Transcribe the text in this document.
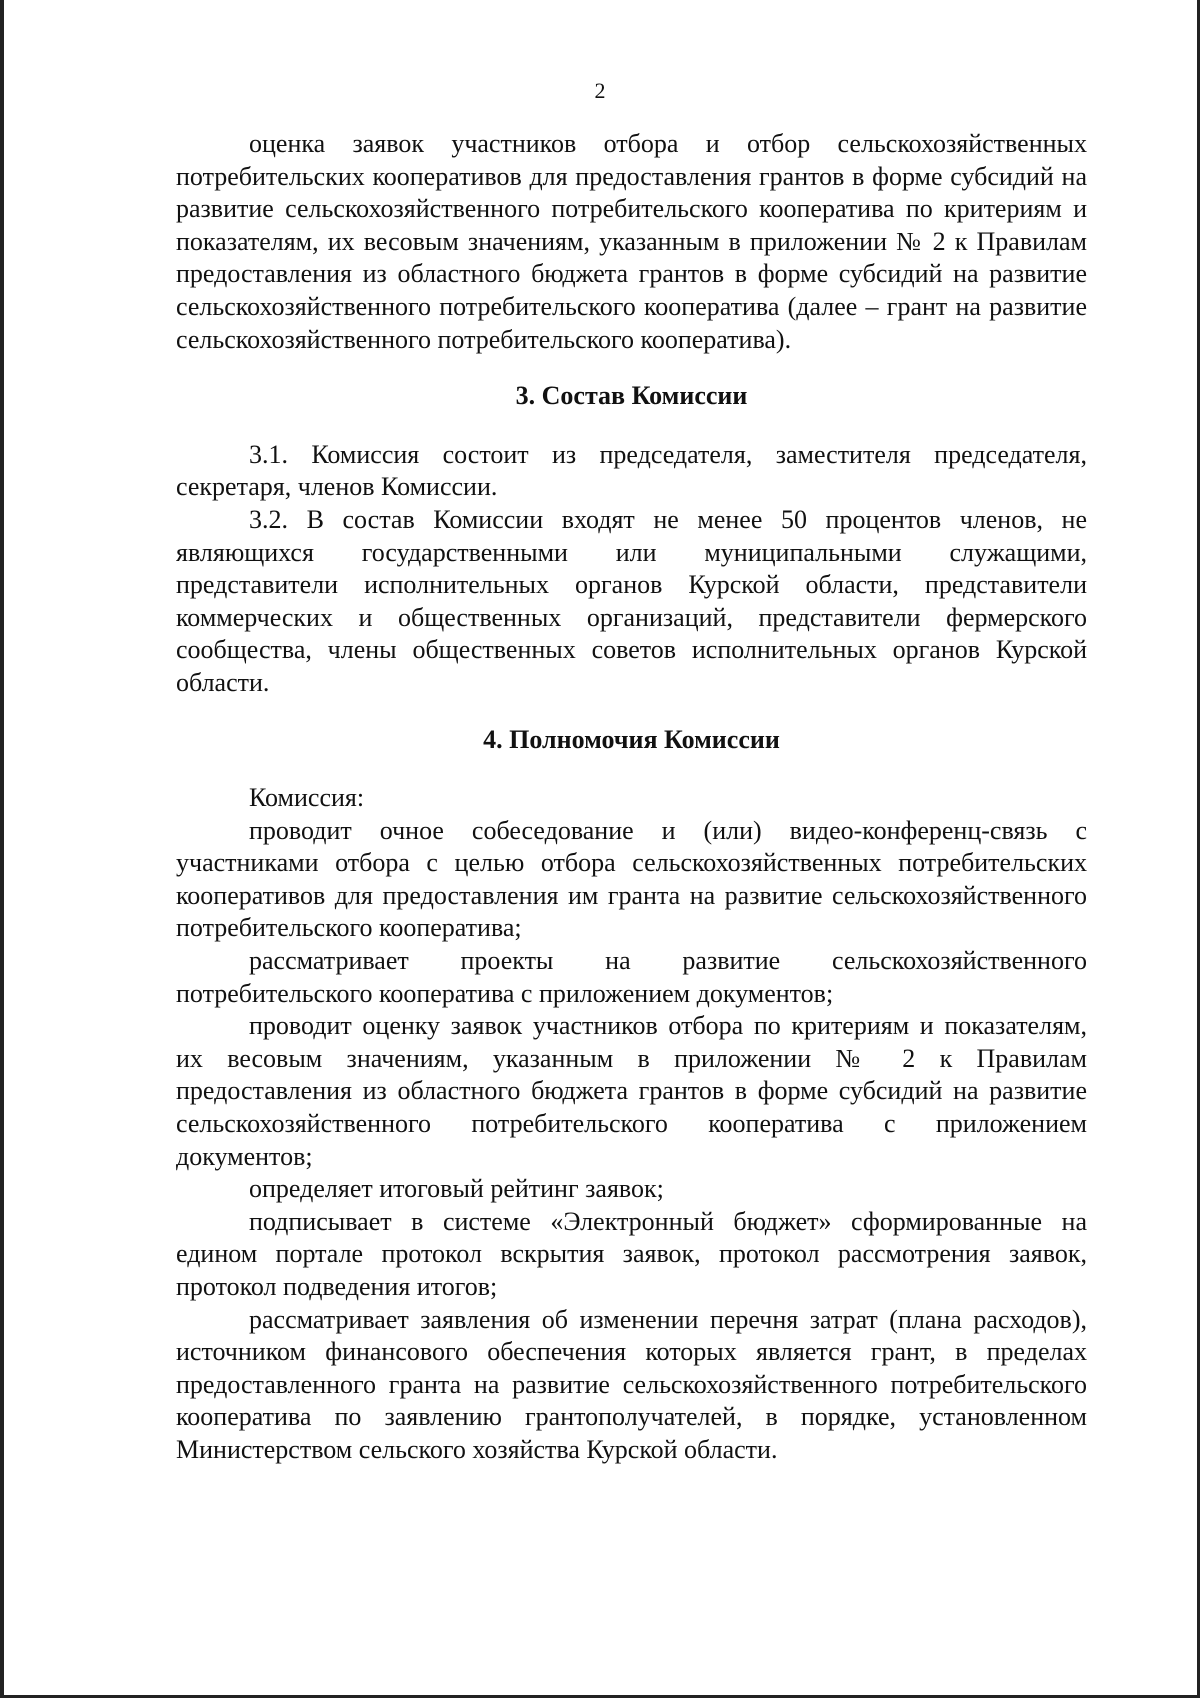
2

оценка заявок участников отбора и отбор сельскохозяйственных потребительских кооперативов для предоставления грантов в форме субсидий на развитие сельскохозяйственного потребительского кооператива по критериям и показателям, их весовым значениям, указанным в приложении № 2 к Правилам предоставления из областного бюджета грантов в форме субсидий на развитие сельскохозяйственного потребительского кооператива (далее – грант на развитие сельскохозяйственного потребительского кооператива).

3. Состав Комиссии

3.1. Комиссия состоит из председателя, заместителя председателя, секретаря, членов Комиссии.

3.2. В состав Комиссии входят не менее 50 процентов членов, не являющихся государственными или муниципальными служащими, представители исполнительных органов Курской области, представители коммерческих и общественных организаций, представители фермерского сообщества, члены общественных советов исполнительных органов Курской области.

4. Полномочия Комиссии

Комиссия:

проводит очное собеседование и (или) видео-конференц-связь с участниками отбора с целью отбора сельскохозяйственных потребительских кооперативов для предоставления им гранта на развитие сельскохозяйственного потребительского кооператива;

рассматривает проекты на развитие сельскохозяйственного потребительского кооператива с приложением документов;

проводит оценку заявок участников отбора по критериям и показателям, их весовым значениям, указанным в приложении № 2 к Правилам предоставления из областного бюджета грантов в форме субсидий на развитие сельскохозяйственного потребительского кооператива с приложением документов;

определяет итоговый рейтинг заявок;

подписывает в системе «Электронный бюджет» сформированные на едином портале протокол вскрытия заявок, протокол рассмотрения заявок, протокол подведения итогов;

рассматривает заявления об изменении перечня затрат (плана расходов), источником финансового обеспечения которых является грант, в пределах предоставленного гранта на развитие сельскохозяйственного потребительского кооператива по заявлению грантополучателей, в порядке, установленном Министерством сельского хозяйства Курской области.
